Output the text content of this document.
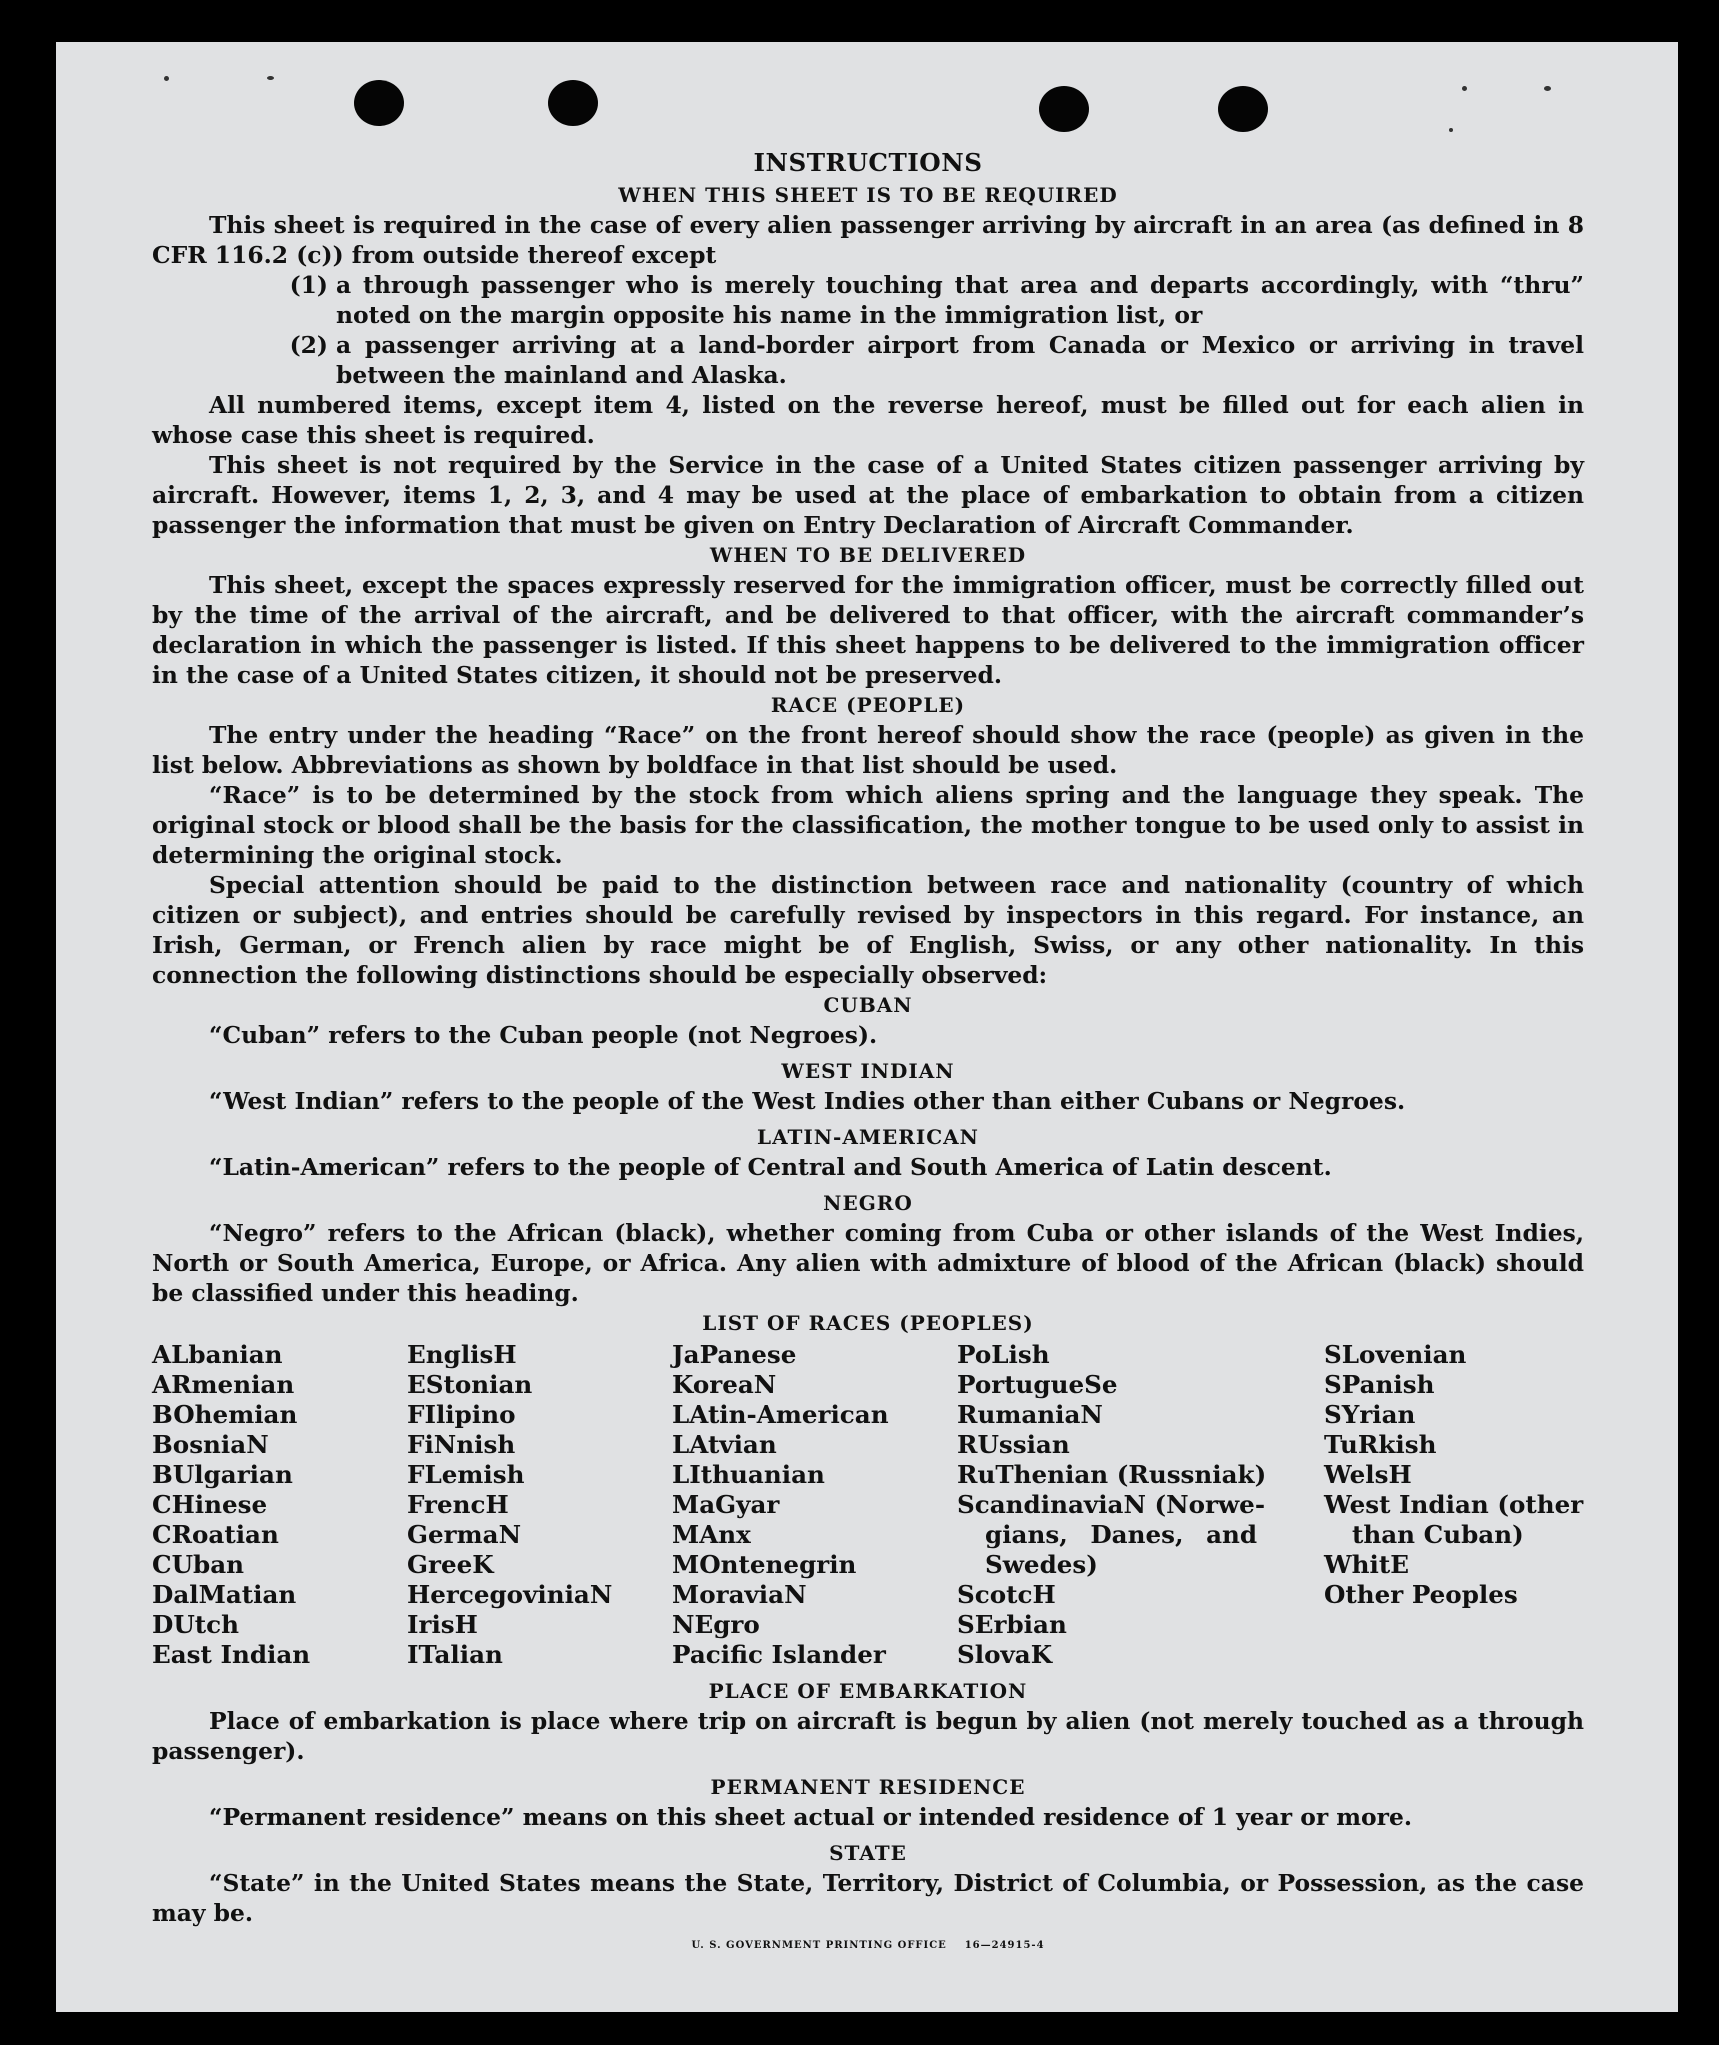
INSTRUCTIONS
WHEN THIS SHEET IS TO BE REQUIRED

This sheet is required in the case of every alien passenger arriving by aircraft in an area (as defined in 8 CFR 116.2 (c)) from outside thereof except

(1) a through passenger who is merely touching that area and departs accordingly, with “thru” noted on the margin opposite his name in the immigration list, or
(2) a passenger arriving at a land-border airport from Canada or Mexico or arriving in travel between the mainland and Alaska.

All numbered items, except item 4, listed on the reverse hereof, must be filled out for each alien in whose case this sheet is required.

This sheet is not required by the Service in the case of a United States citizen passenger arriving by aircraft. However, items 1, 2, 3, and 4 may be used at the place of embarkation to obtain from a citizen passenger the information that must be given on Entry Declaration of Aircraft Commander.

WHEN TO BE DELIVERED

This sheet, except the spaces expressly reserved for the immigration officer, must be correctly filled out by the time of the arrival of the aircraft, and be delivered to that officer, with the aircraft commander’s declaration in which the passenger is listed. If this sheet happens to be delivered to the immigration officer in the case of a United States citizen, it should not be preserved.

RACE (PEOPLE)

The entry under the heading “Race” on the front hereof should show the race (people) as given in the list below. Abbreviations as shown by boldface in that list should be used.

“Race” is to be determined by the stock from which aliens spring and the language they speak. The original stock or blood shall be the basis for the classification, the mother tongue to be used only to assist in determining the original stock.

Special attention should be paid to the distinction between race and nationality (country of which citizen or subject), and entries should be carefully revised by inspectors in this regard. For instance, an Irish, German, or French alien by race might be of English, Swiss, or any other nationality. In this connection the following distinctions should be especially observed:

CUBAN

“Cuban” refers to the Cuban people (not Negroes).

WEST INDIAN

“West Indian” refers to the people of the West Indies other than either Cubans or Negroes.

LATIN-AMERICAN

“Latin-American” refers to the people of Central and South America of Latin descent.

NEGRO

“Negro” refers to the African (black), whether coming from Cuba or other islands of the West Indies, North or South America, Europe, or Africa. Any alien with admixture of blood of the African (black) should be classified under this heading.

LIST OF RACES (PEOPLES)
ALbanian
ARmenian
BOhemian
BosniaN
BUlgarian
CHinese
CRoatian
CUban
DalMatian
DUtch
East Indian
EnglisH
EStonian
FIlipino
FiNnish
FLemish
FrencH
GermaN
GreeK
HercegoviniaN
IrisH
ITalian
JaPanese
KoreaN
LAtin-American
LAtvian
LIthuanian
MaGyar
MAnx
MOntenegrin
MoraviaN
NEgro
Pacific Islander
PoLish
PortugueSe
RumaniaN
RUssian
RuThenian (Russniak)
ScandinaviaN (Norwe-
gians, Danes, and
Swedes)
ScotcH
SErbian
SlovaK
SLovenian
SPanish
SYrian
TuRkish
WelsH
West Indian (other
than Cuban)
WhitE
Other Peoples
PLACE OF EMBARKATION

Place of embarkation is place where trip on aircraft is begun by alien (not merely touched as a through passenger).

PERMANENT RESIDENCE

“Permanent residence” means on this sheet actual or intended residence of 1 year or more.

STATE

“State” in the United States means the State, Territory, District of Columbia, or Possession, as the case may be.

U. S. GOVERNMENT PRINTING OFFICE    16—24915-4
